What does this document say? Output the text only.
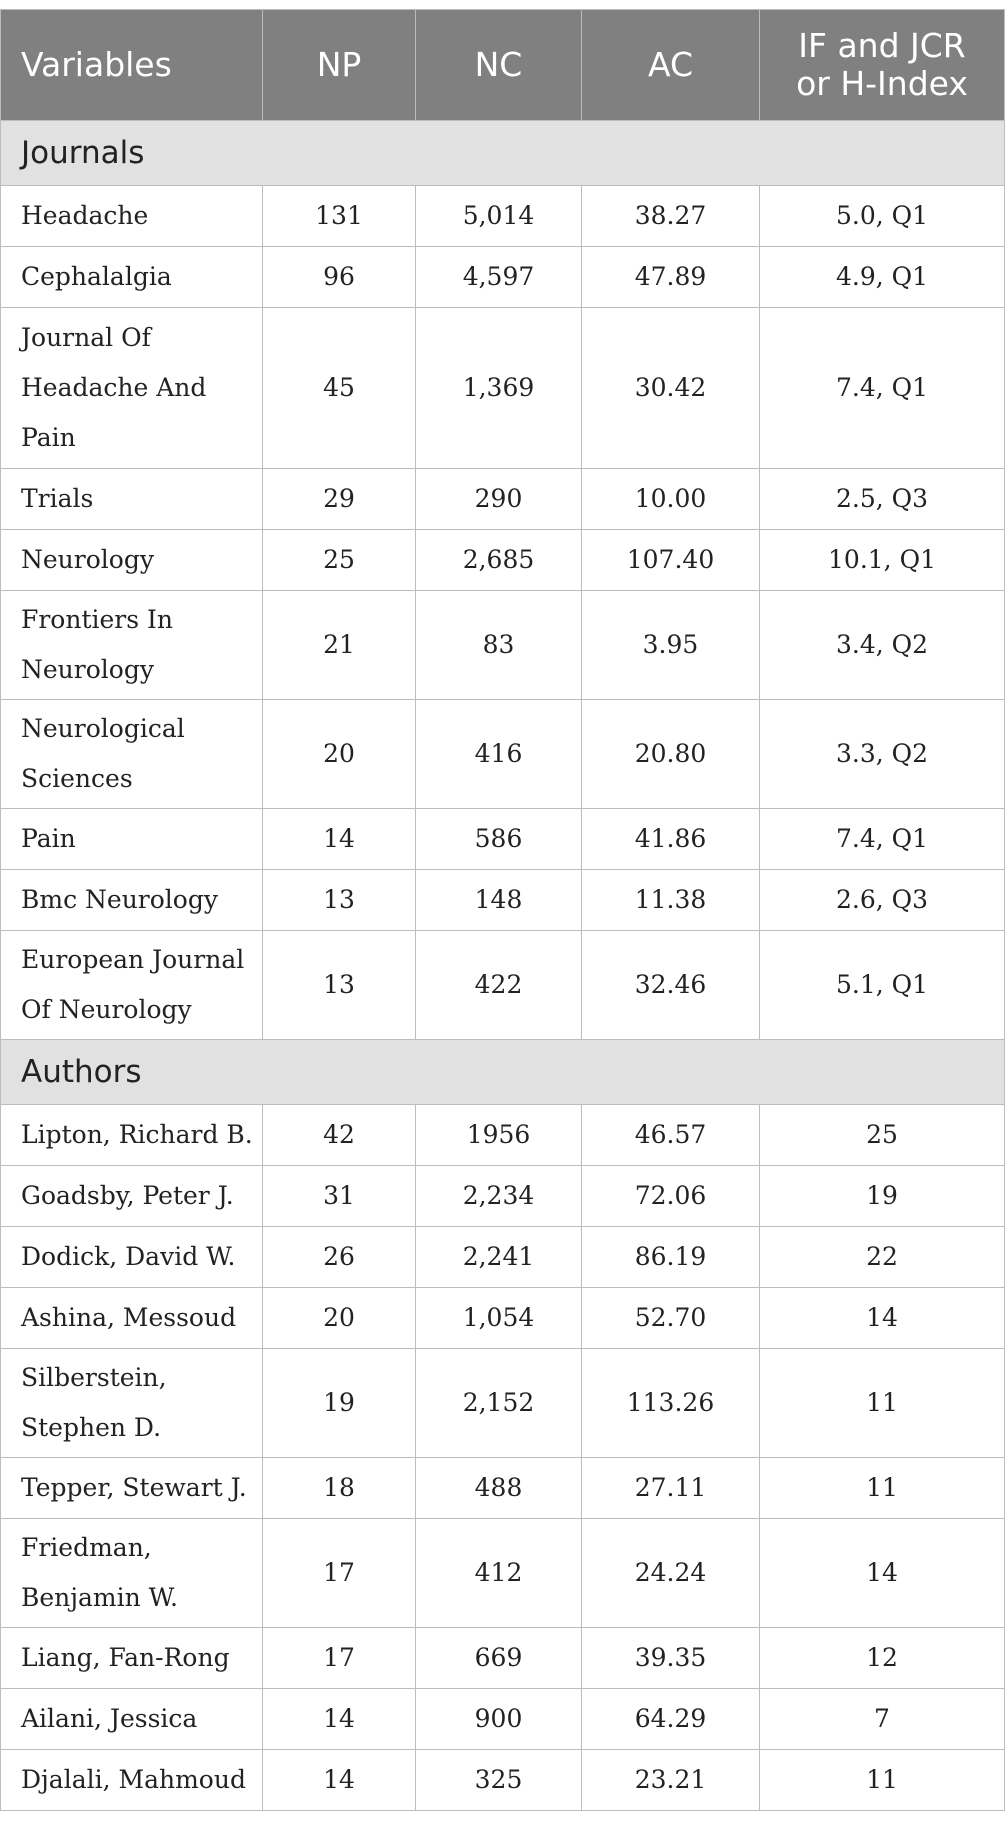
Variables	NP	NC	AC	IF and JCR
or H-Index

Journals				

Headache	131	5,014	38.27	5.0, Q1

Cephalalgia	96	4,597	47.89	4.9, Q1

Journal Of
Headache And
Pain	45	1,369	30.42	7.4, Q1

Trials	29	290	10.00	2.5, Q3

Neurology	25	2,685	107.40	10.1, Q1

Frontiers In
Neurology	21	83	3.95	3.4, Q2

Neurological
Sciences	20	416	20.80	3.3, Q2

Pain	14	586	41.86	7.4, Q1

Bmc Neurology	13	148	11.38	2.6, Q3

European Journal
Of Neurology	13	422	32.46	5.1, Q1
Authors				

Lipton, Richard B.	42	1956	46.57	25

Goadsby, Peter J.	31	2,234	72.06	19

Dodick, David W.	26	2,241	86.19	22

Ashina, Messoud	20	1,054	52.70	14

Silberstein,
Stephen D.	19	2,152	113.26	11

Tepper, Stewart J.	18	488	27.11	11

Friedman,
Benjamin W.	17	412	24.24	14

Liang, Fan-Rong	17	669	39.35	12

Ailani, Jessica	14	900	64.29	7

Djalali, Mahmoud	14	325	23.21	11
